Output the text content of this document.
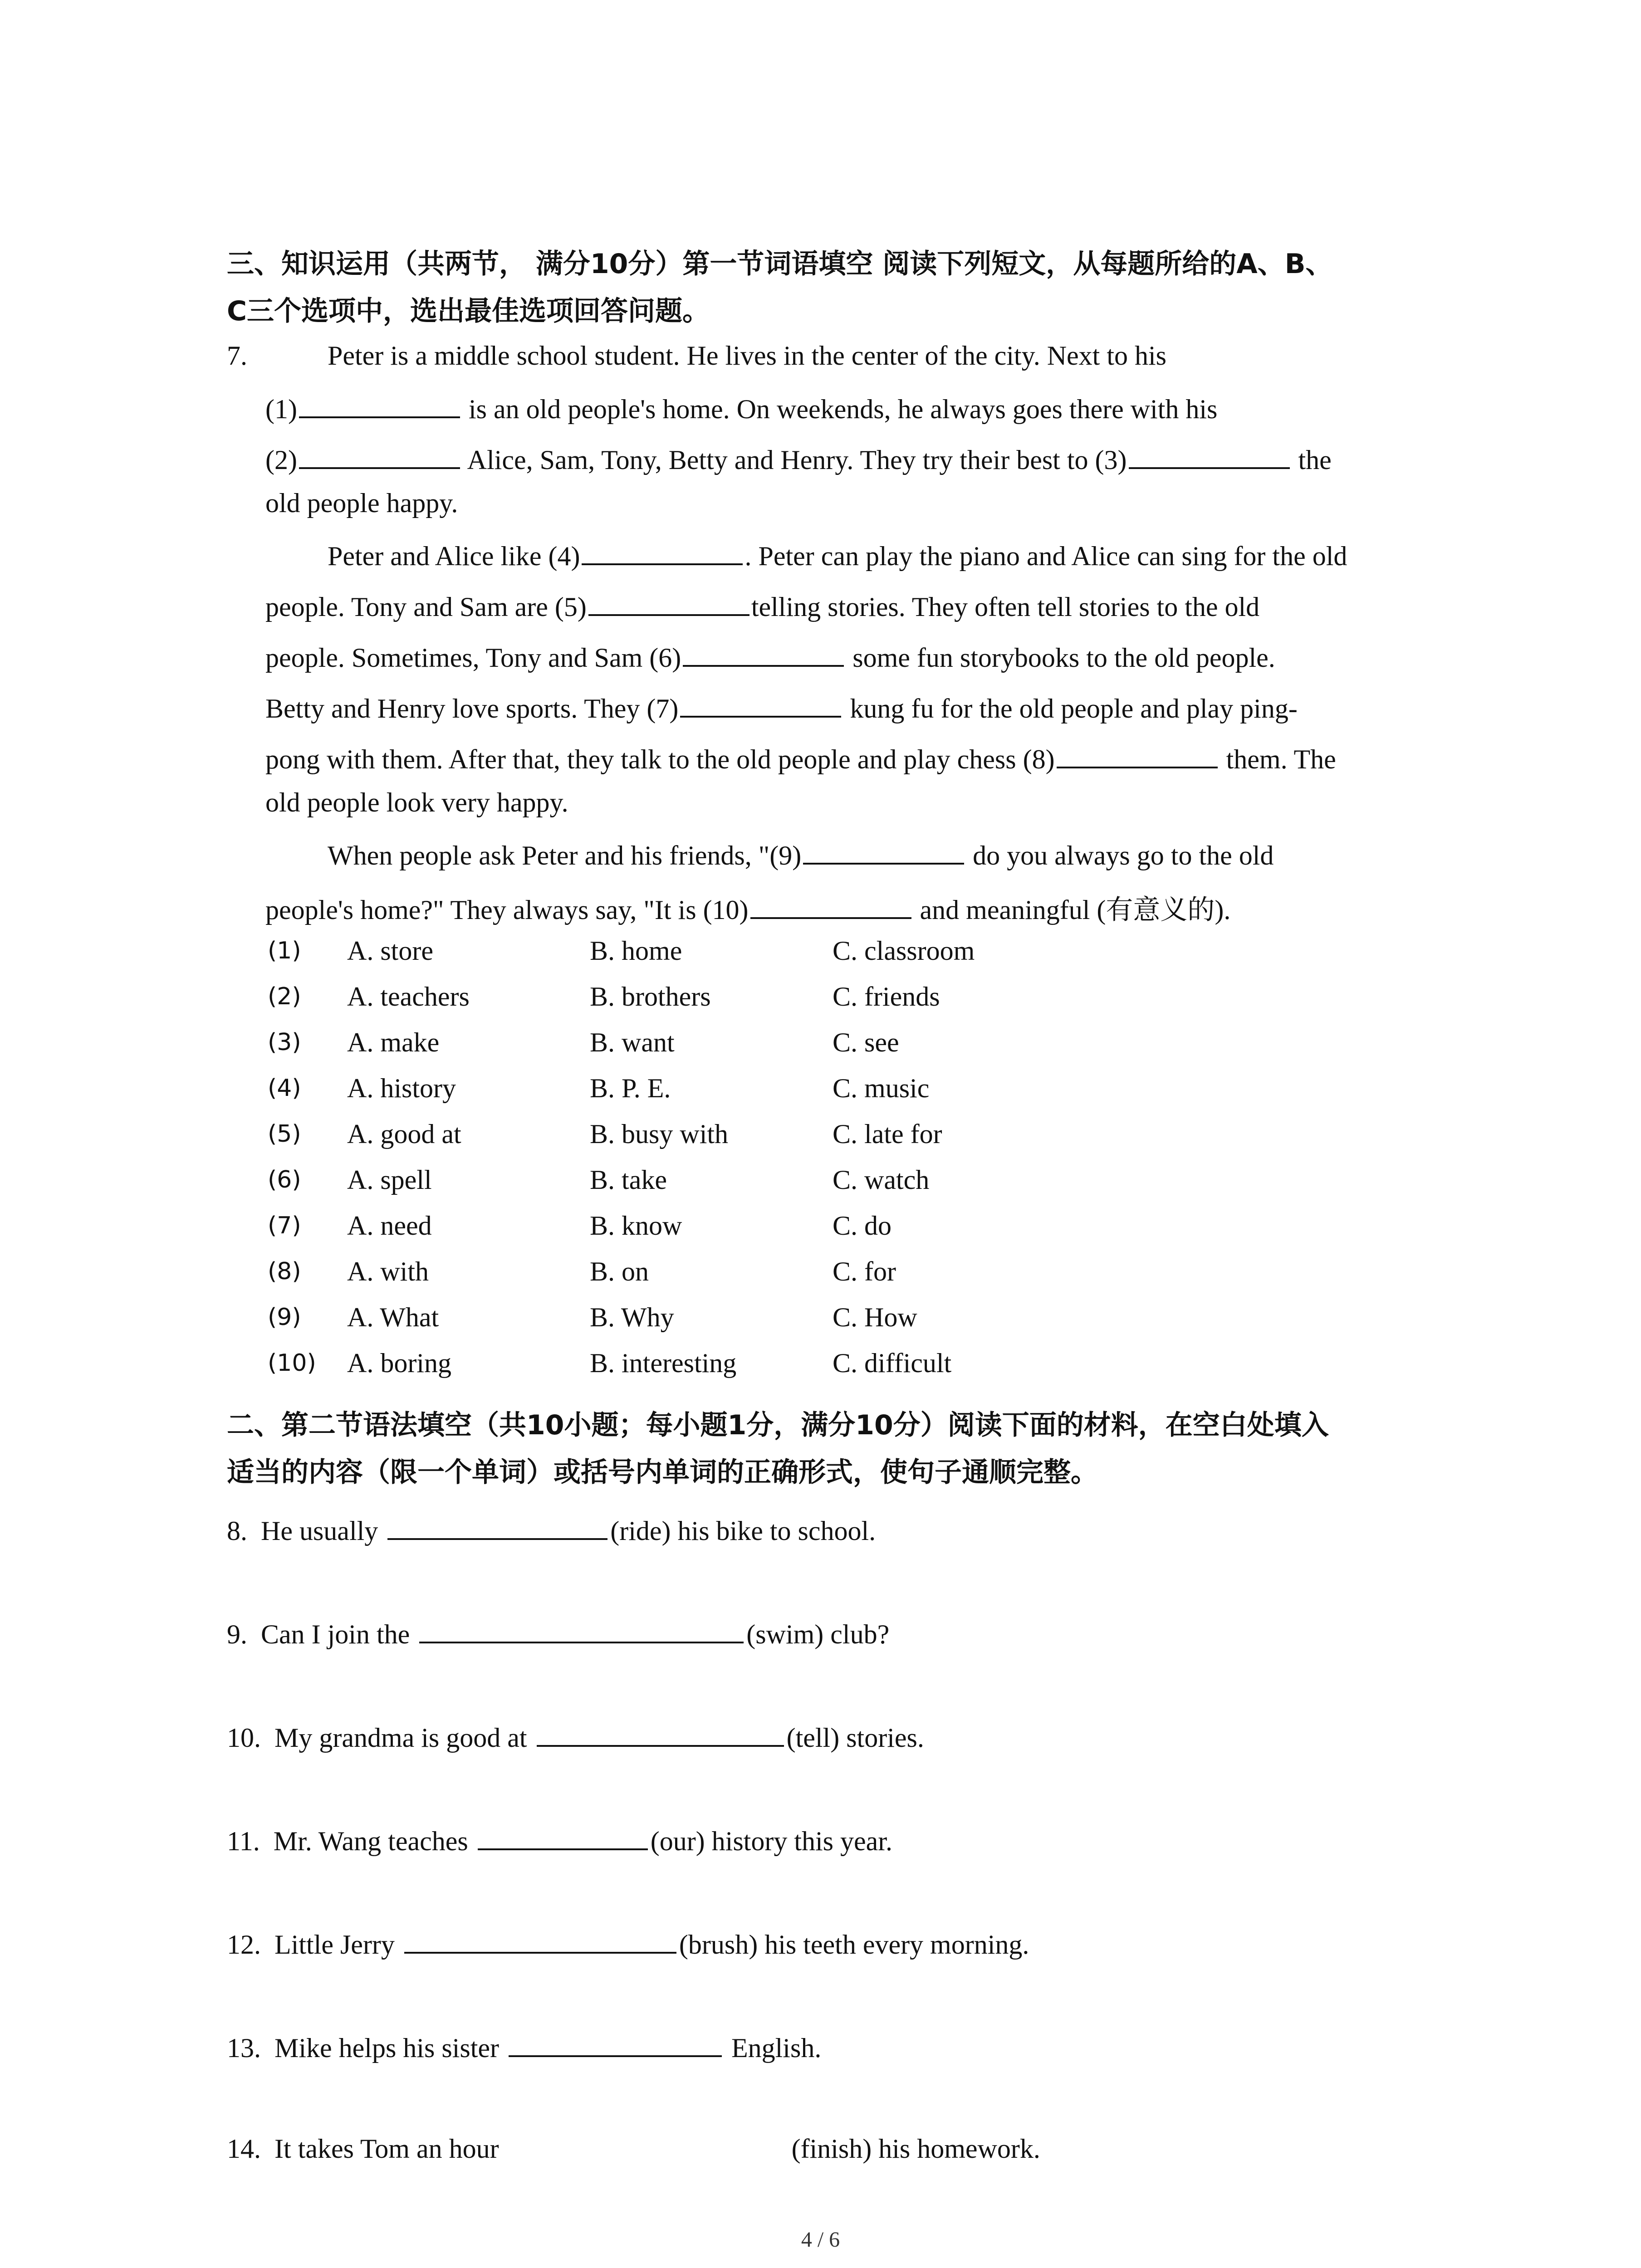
三、知识运用（共两节， 满分10分）第一节词语填空 阅读下列短文，从每题所给的A、B、
C三个选项中，选出最佳选项回答问题。
7.	Peter is a middle school student. He lives in the center of the city. Next to his
(1)	is an old people's home. On weekends, he always goes there with his
(2)	Alice, Sam, Tony, Betty and Henry. They try their best to (3)	the
old people happy.
Peter and Alice like (4)	. Peter can play the piano and Alice can sing for the old
people. Tony and Sam are (5)	telling stories. They often tell stories to the old
people. Sometimes, Tony and Sam (6)	some fun storybooks to the old people.
Betty and Henry love sports. They (7)	kung fu for the old people and play ping-
pong with them. After that, they talk to the old people and play chess (8)	them. The
old people look very happy.
When people ask Peter and his friends, "(9)	do you always go to the old
people's home?" They always say, "It is (10)	and meaningful (有意义的).
(1) A. store	B. home	C. classroom
(2) A. teachers	B. brothers	C. friends
(3) A. make	B. want	C. see
(4) A. history	B. P. E.	C. music
(5) A. good at	B. busy with	C. late for
(6) A. spell	B. take	C. watch
(7) A. need	B. know	C. do
(8) A. with	B. on	C. for
(9) A. What	B. Why	C. How
(10) A. boring	B. interesting	C. difficult
二、第二节语法填空（共10小题；每小题1分，满分10分）阅读下面的材料，在空白处填入
适当的内容（限一个单词）或括号内单词的正确形式，使句子通顺完整。
8. He usually	(ride) his bike to school.
9. Can I join the	(swim) club?
10. My grandma is good at	(tell) stories.
11. Mr. Wang teaches	(our) history this year.
12. Little Jerry	(brush) his teeth every morning.
13. Mike helps his sister	English.
14. It takes Tom an hour	(finish) his homework.
4 / 6
